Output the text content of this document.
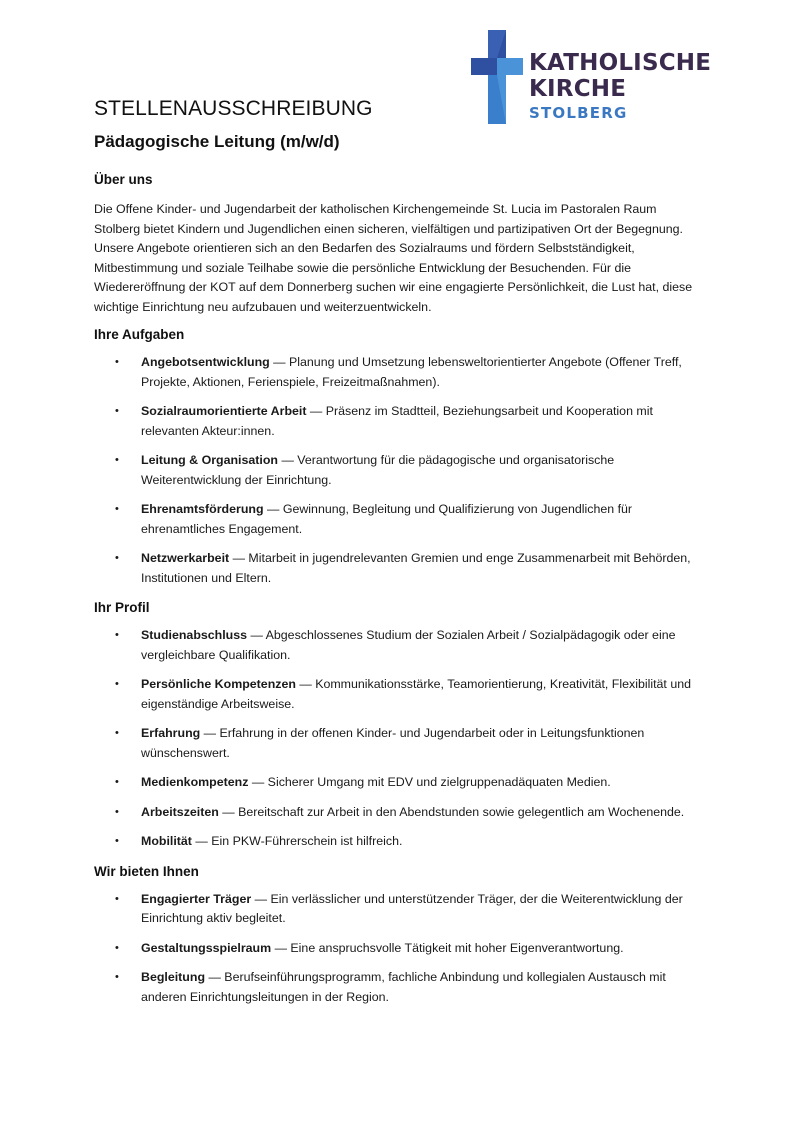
KATHOLISCHE
KIRCHE
STOLBERG
STELLENAUSSCHREIBUNG
Pädagogische Leitung (m/w/d)
Über uns

Die Offene Kinder- und Jugendarbeit der katholischen Kirchengemeinde St. Lucia im Pastoralen Raum Stolberg bietet Kindern und Jugendlichen einen sicheren, vielfältigen und partizipativen Ort der Begegnung. Unsere Angebote orientieren sich an den Bedarfen des Sozialraums und fördern Selbstständigkeit, Mitbestimmung und soziale Teilhabe sowie die persönliche Entwicklung der Besuchenden. Für die Wiedereröffnung der KOT auf dem Donnerberg suchen wir eine engagierte Persönlichkeit, die Lust hat, diese wichtige Einrichtung neu aufzubauen und weiterzuentwickeln.

Ihre Aufgaben
• Angebotsentwicklung — Planung und Umsetzung lebensweltorientierter Angebote (Offener Treff, Projekte, Aktionen, Ferienspiele, Freizeitmaßnahmen).
• Sozialraumorientierte Arbeit — Präsenz im Stadtteil, Beziehungsarbeit und Kooperation mit relevanten Akteur:innen.
• Leitung & Organisation — Verantwortung für die pädagogische und organisatorische Weiterentwicklung der Einrichtung.
• Ehrenamtsförderung — Gewinnung, Begleitung und Qualifizierung von Jugendlichen für ehrenamtliches Engagement.
• Netzwerkarbeit — Mitarbeit in jugendrelevanten Gremien und enge Zusammenarbeit mit Behörden, Institutionen und Eltern.
Ihr Profil
• Studienabschluss — Abgeschlossenes Studium der Sozialen Arbeit / Sozialpädagogik oder eine vergleichbare Qualifikation.
• Persönliche Kompetenzen — Kommunikationsstärke, Teamorientierung, Kreativität, Flexibilität und eigenständige Arbeitsweise.
• Erfahrung — Erfahrung in der offenen Kinder- und Jugendarbeit oder in Leitungsfunktionen wünschenswert.
• Medienkompetenz — Sicherer Umgang mit EDV und zielgruppenadäquaten Medien.
• Arbeitszeiten — Bereitschaft zur Arbeit in den Abendstunden sowie gelegentlich am Wochenende.
• Mobilität — Ein PKW-Führerschein ist hilfreich.
Wir bieten Ihnen
• Engagierter Träger — Ein verlässlicher und unterstützender Träger, der die Weiterentwicklung der Einrichtung aktiv begleitet.
• Gestaltungsspielraum — Eine anspruchsvolle Tätigkeit mit hoher Eigenverantwortung.
• Begleitung — Berufseinführungsprogramm, fachliche Anbindung und kollegialen Austausch mit anderen Einrichtungsleitungen in der Region.
